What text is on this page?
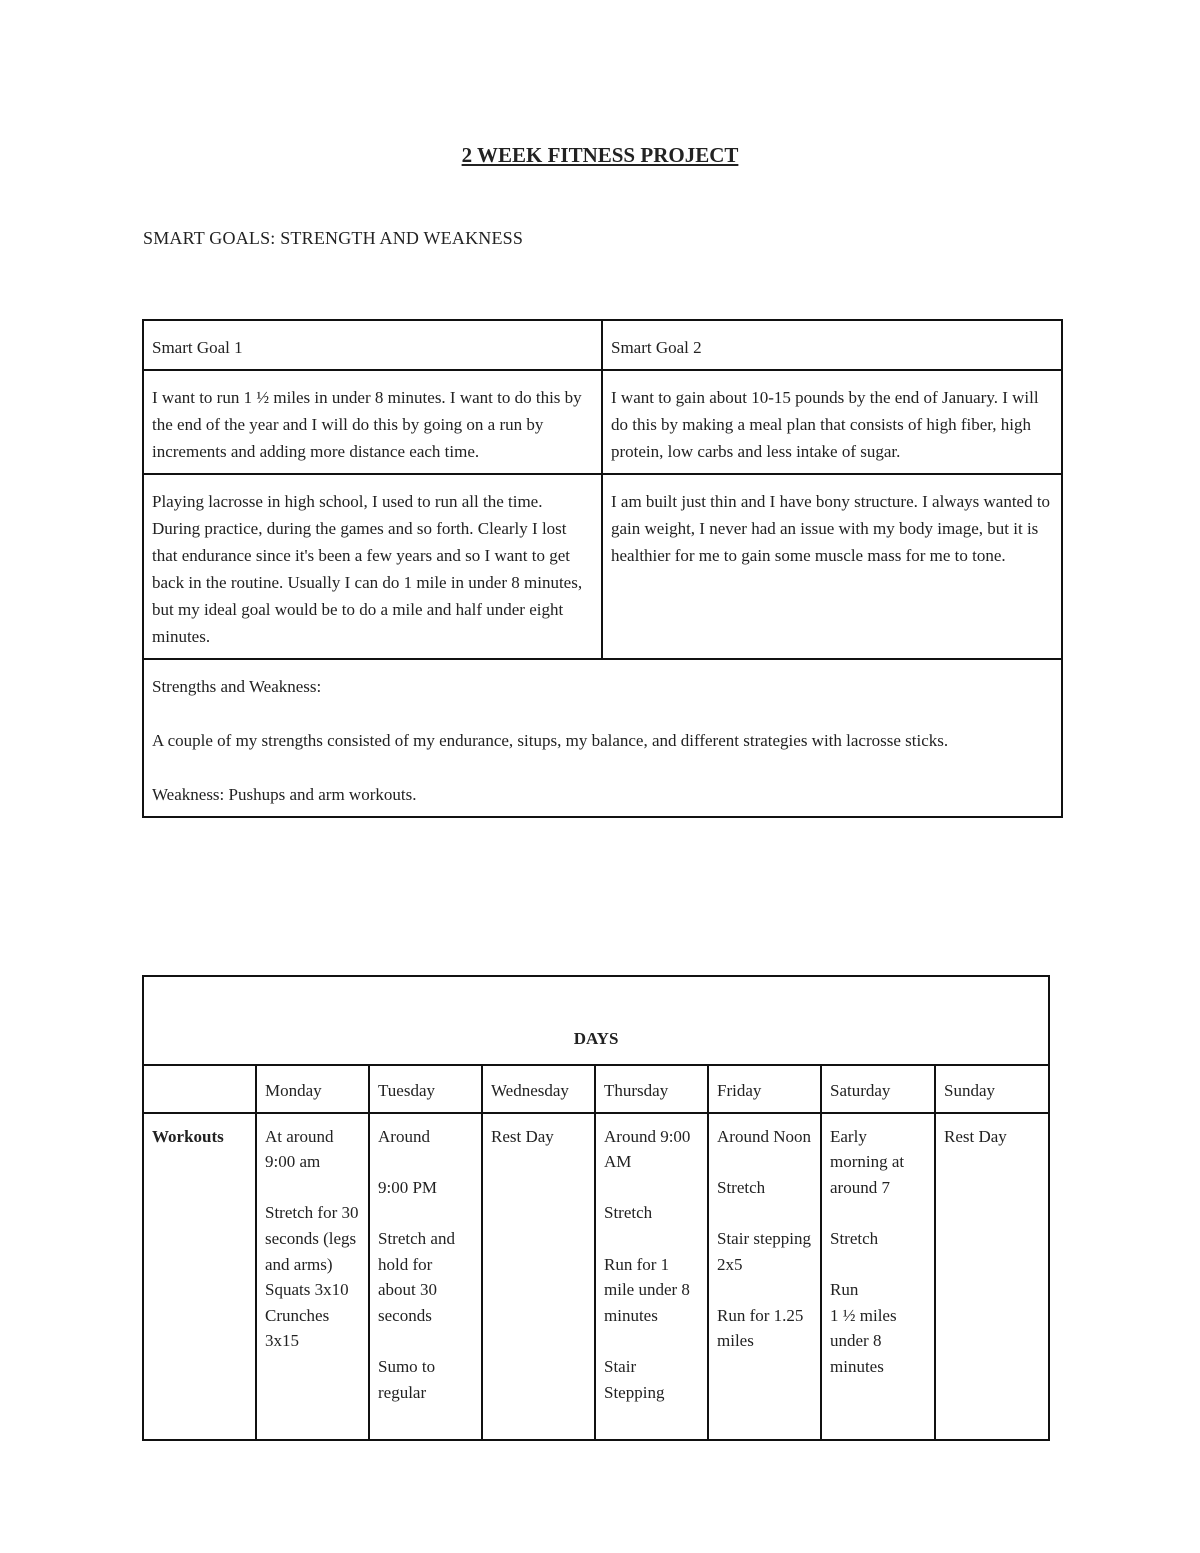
2 WEEK FITNESS PROJECT
SMART GOALS: STRENGTH AND WEAKNESS

Smart Goal 1	Smart Goal 2

I want to run 1 ½ miles in under 8 minutes. I want to do this by the end of the year and I will do this by going on a run by increments and adding more distance each time.	I want to gain about 10-15 pounds by the end of January. I will do this by making a meal plan that consists of high fiber, high protein, low carbs and less intake of sugar.

Playing lacrosse in high school, I used to run all the time. During practice, during the games and so forth. Clearly I lost that endurance since it's been a few years and so I want to get back in the routine. Usually I can do 1 mile in under 8 minutes, but my ideal goal would be to do a mile and half under eight minutes.	I am built just thin and I have bony structure. I always wanted to gain weight, I never had an issue with my body image, but it is healthier for me to gain some muscle mass for me to tone.

Strengths and Weakness:

A couple of my strengths consisted of my endurance, situps, my balance, and different strategies with lacrosse sticks.

Weakness: Pushups and arm workouts.	

DAYS							
	Monday	Tuesday	Wednesday	Thursday	Friday	Saturday	Sunday
Workouts	At around 9:00 am
Stretch for 30 seconds (legs and arms)
Squats 3x10
Crunches 3x15	Around
9:00 PM
Stretch and hold for about 30 seconds
Sumo to regular	Rest Day	Around 9:00 AM
Stretch
Run for 1 mile under 8 minutes
Stair Stepping	Around Noon
Stretch
Stair stepping 2x5
Run for 1.25 miles	Early morning at around 7
Stretch
Run
1 ½ miles under 8 minutes	Rest Day
